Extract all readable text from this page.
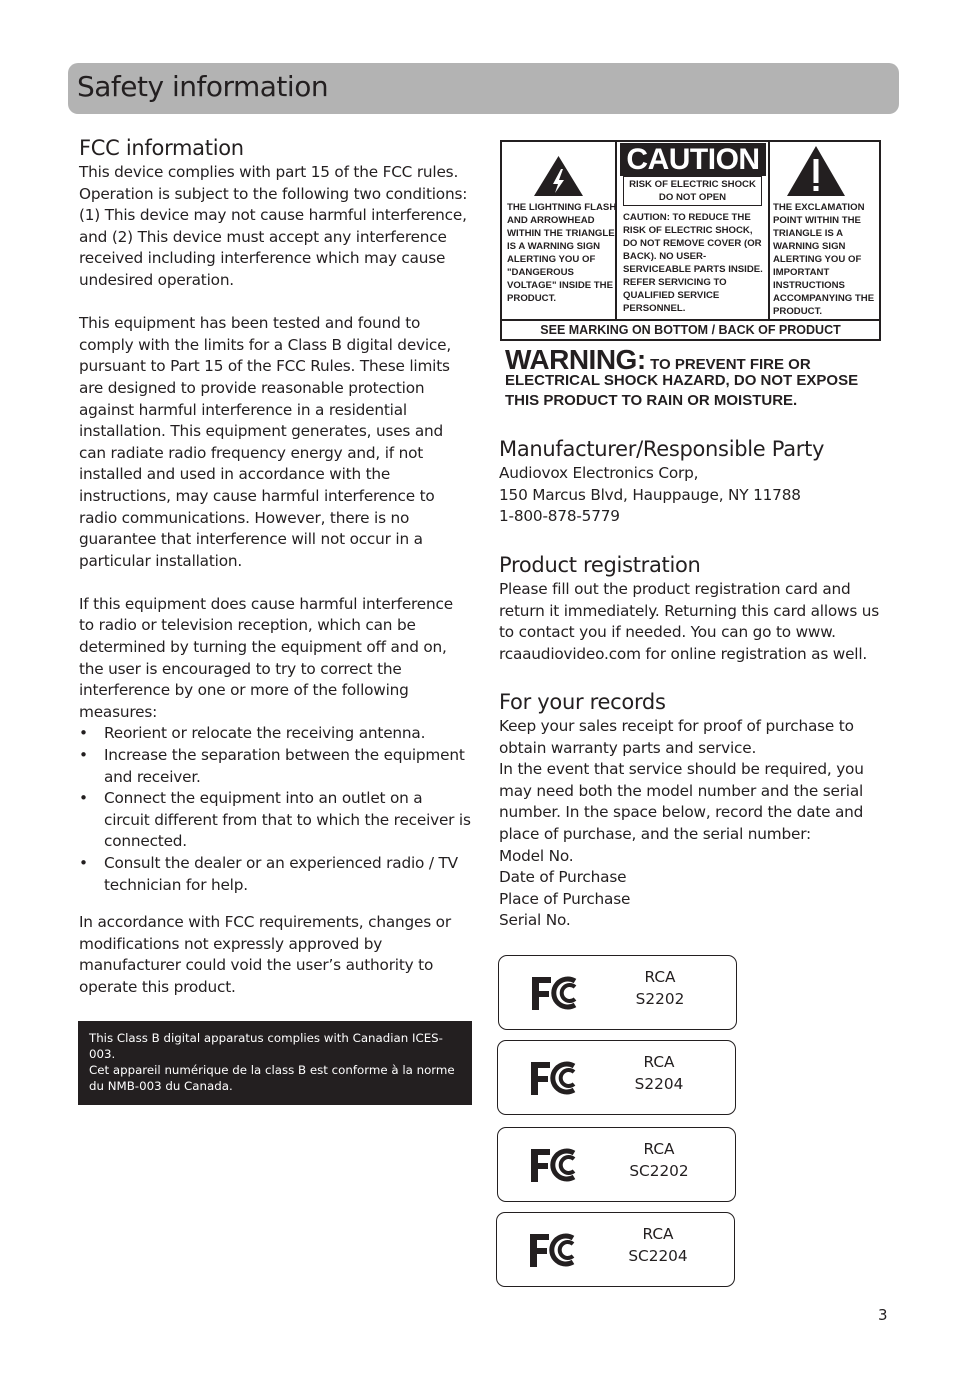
Safety information
FCC information

This device complies with part 15 of the FCC rules. Operation is subject to the following two conditions: (1) This device may not cause harmful interference, and (2) This device must accept any interference received including interference which may cause undesired operation.

This equipment has been tested and found to comply with the limits for a Class B digital device, pursuant to Part 15 of the FCC Rules. These limits are designed to provide reasonable protection against harmful interference in a residential installation. This equipment generates, uses and can radiate radio frequency energy and, if not installed and used in accordance with the instructions, may cause harmful interference to radio communications. However, there is no guarantee that interference will not occur in a particular installation.

If this equipment does cause harmful interference to radio or television reception, which can be determined by turning the equipment off and on, the user is encouraged to try to correct the interference by one or more of the following measures:

• Reorient or relocate the receiving antenna.
• Increase the separation between the equipment and receiver.
• Connect the equipment into an outlet on a circuit different from that to which the receiver is connected.
• Consult the dealer or an experienced radio / TV technician for help.

In accordance with FCC requirements, changes or modifications not expressly approved by manufacturer could void the user’s authority to operate this product.

This Class B digital apparatus complies with Canadian ICES-003.
Cet appareil numérique de la class B est conforme à la norme du NMB-003 du Canada.
THE LIGHTNING FLASH AND ARROWHEAD WITHIN THE TRIANGLE IS A WARNING SIGN ALERTING YOU OF "DANGEROUS VOLTAGE" INSIDE THE PRODUCT.
CAUTION
RISK OF ELECTRIC SHOCK
DO NOT OPEN
CAUTION: TO REDUCE THE RISK OF ELECTRIC SHOCK, DO NOT REMOVE COVER (OR BACK). NO USER-SERVICEABLE PARTS INSIDE. REFER SERVICING TO QUALIFIED SERVICE PERSONNEL.
THE EXCLAMATION POINT WITHIN THE TRIANGLE IS A WARNING SIGN ALERTING YOU OF IMPORTANT INSTRUCTIONS ACCOMPANYING THE PRODUCT.
SEE MARKING ON BOTTOM / BACK OF PRODUCT
WARNING: TO PREVENT FIRE OR
ELECTRICAL SHOCK HAZARD, DO NOT EXPOSE THIS PRODUCT TO RAIN OR MOISTURE.
Manufacturer/Responsible Party

Audiovox Electronics Corp,

150 Marcus Blvd, Hauppauge, NY 11788

1-800-878-5779

Product registration

Please fill out the product registration card and return it immediately. Returning this card allows us to contact you if needed. You can go to www. rcaaudiovideo.com for online registration as well.

For your records

Keep your sales receipt for proof of purchase to obtain warranty parts and service.

In the event that service should be required, you may need both the model number and the serial number. In the space below, record the date and place of purchase, and the serial number:

Model No.

Date of Purchase

Place of Purchase

Serial No.

RCA
S2202
RCA
S2204
RCA
SC2202
RCA
SC2204
3
